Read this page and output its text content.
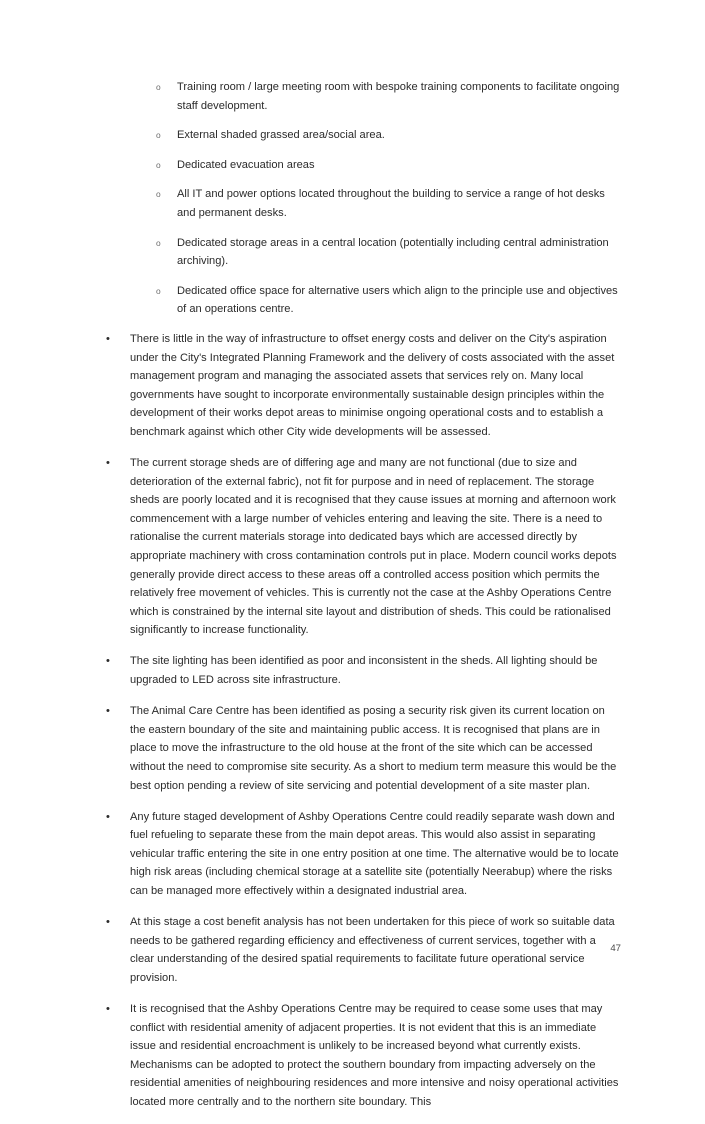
o	Training room / large meeting room with bespoke training components to facilitate ongoing staff development.
o	External shaded grassed area/social area.
o	Dedicated evacuation areas
o	All IT and power options located throughout the building to service a range of hot desks and permanent desks.
o	Dedicated storage areas in a central location (potentially including central administration archiving).
o	Dedicated office space for alternative users which align to the principle use and objectives of an operations centre.
•	There is little in the way of infrastructure to offset energy costs and deliver on the City's aspiration under the City's Integrated Planning Framework and the delivery of costs associated with the asset management program and managing the associated assets that services rely on. Many local governments have sought to incorporate environmentally sustainable design principles within the development of their works depot areas to minimise ongoing operational costs and to establish a benchmark against which other City wide developments will be assessed.
•	The current storage sheds are of differing age and many are not functional (due to size and deterioration of the external fabric), not fit for purpose and in need of replacement. The storage sheds are poorly located and it is recognised that they cause issues at morning and afternoon work commencement with a large number of vehicles entering and leaving the site. There is a need to rationalise the current materials storage into dedicated bays which are accessed directly by appropriate machinery with cross contamination controls put in place. Modern council works depots generally provide direct access to these areas off a controlled access position which permits the relatively free movement of vehicles. This is currently not the case at the Ashby Operations Centre which is constrained by the internal site layout and distribution of sheds. This could be rationalised significantly to increase functionality.
•	The site lighting has been identified as poor and inconsistent in the sheds. All lighting should be upgraded to LED across site infrastructure.
•	The Animal Care Centre has been identified as posing a security risk given its current location on the eastern boundary of the site and maintaining public access. It is recognised that plans are in place to move the infrastructure to the old house at the front of the site which can be accessed without the need to compromise site security. As a short to medium term measure this would be the best option pending a review of site servicing and potential development of a site master plan.
•	Any future staged development of Ashby Operations Centre could readily separate wash down and fuel refueling to separate these from the main depot areas. This would also assist in separating vehicular traffic entering the site in one entry position at one time. The alternative would be to locate high risk areas (including chemical storage at a satellite site (potentially Neerabup) where the risks can be managed more effectively within a designated industrial area.
•	At this stage a cost benefit analysis has not been undertaken for this piece of work so suitable data needs to be gathered regarding efficiency and effectiveness of current services, together with a clear understanding of the desired spatial requirements to facilitate future operational service provision.
•	It is recognised that the Ashby Operations Centre may be required to cease some uses that may conflict with residential amenity of adjacent properties. It is not evident that this is an immediate issue and residential encroachment is unlikely to be increased beyond what currently exists. Mechanisms can be adopted to protect the southern boundary from impacting adversely on the residential amenities of neighbouring residences and more intensive and noisy operational activities located more centrally and to the northern site boundary. This
47
